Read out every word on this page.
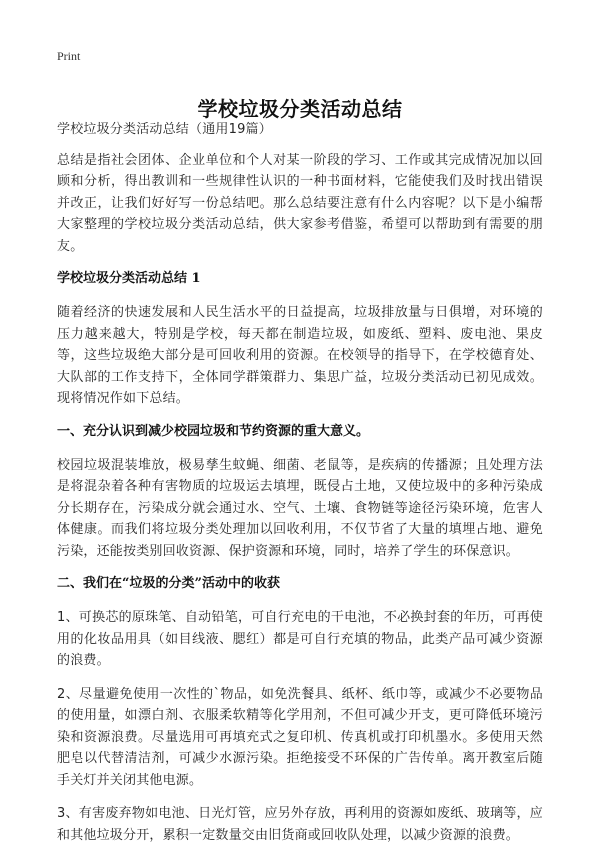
Print
学校垃圾分类活动总结

学校垃圾分类活动总结（通用19篇）

总结是指社会团体、企业单位和个人对某一阶段的学习、工作或其完成情况加以回顾和分析，得出教训和一些规律性认识的一种书面材料，它能使我们及时找出错误并改正，让我们好好写一份总结吧。那么总结要注意有什么内容呢？以下是小编帮大家整理的学校垃圾分类活动总结，供大家参考借鉴，希望可以帮助到有需要的朋友。

学校垃圾分类活动总结 1

随着经济的快速发展和人民生活水平的日益提高，垃圾排放量与日俱增，对环境的压力越来越大，特别是学校，每天都在制造垃圾，如废纸、塑料、废电池、果皮等，这些垃圾绝大部分是可回收利用的资源。在校领导的指导下，在学校德育处、大队部的工作支持下，全体同学群策群力、集思广益，垃圾分类活动已初见成效。现将情况作如下总结。

一、充分认识到减少校园垃圾和节约资源的重大意义。

校园垃圾混装堆放，极易孳生蚊蝇、细菌、老鼠等，是疾病的传播源；且处理方法是将混杂着各种有害物质的垃圾运去填埋，既侵占土地，又使垃圾中的多种污染成分长期存在，污染成分就会通过水、空气、土壤、食物链等途径污染环境，危害人体健康。而我们将垃圾分类处理加以回收利用，不仅节省了大量的填埋占地、避免污染，还能按类别回收资源、保护资源和环境，同时，培养了学生的环保意识。

二、我们在“垃圾的分类”活动中的收获

1、可换芯的原珠笔、自动铅笔，可自行充电的干电池，不必换封套的年历，可再使用的化妆品用具（如目线液、腮红）都是可自行充填的物品，此类产品可减少资源的浪费。

2、尽量避免使用一次性的`物品，如免洗餐具、纸杯、纸巾等，或减少不必要物品的使用量，如漂白剂、衣服柔软精等化学用剂，不但可减少开支，更可降低环境污染和资源浪费。尽量选用可再填充式之复印机、传真机或打印机墨水。多使用天然肥皂以代替清洁剂，可减少水源污染。拒绝接受不环保的广告传单。离开教室后随手关灯并关闭其他电源。

3、有害废弃物如电池、日光灯管，应另外存放，再利用的资源如废纸、玻璃等，应和其他垃圾分开，累积一定数量交由旧货商或回收队处理，以减少资源的浪费。
